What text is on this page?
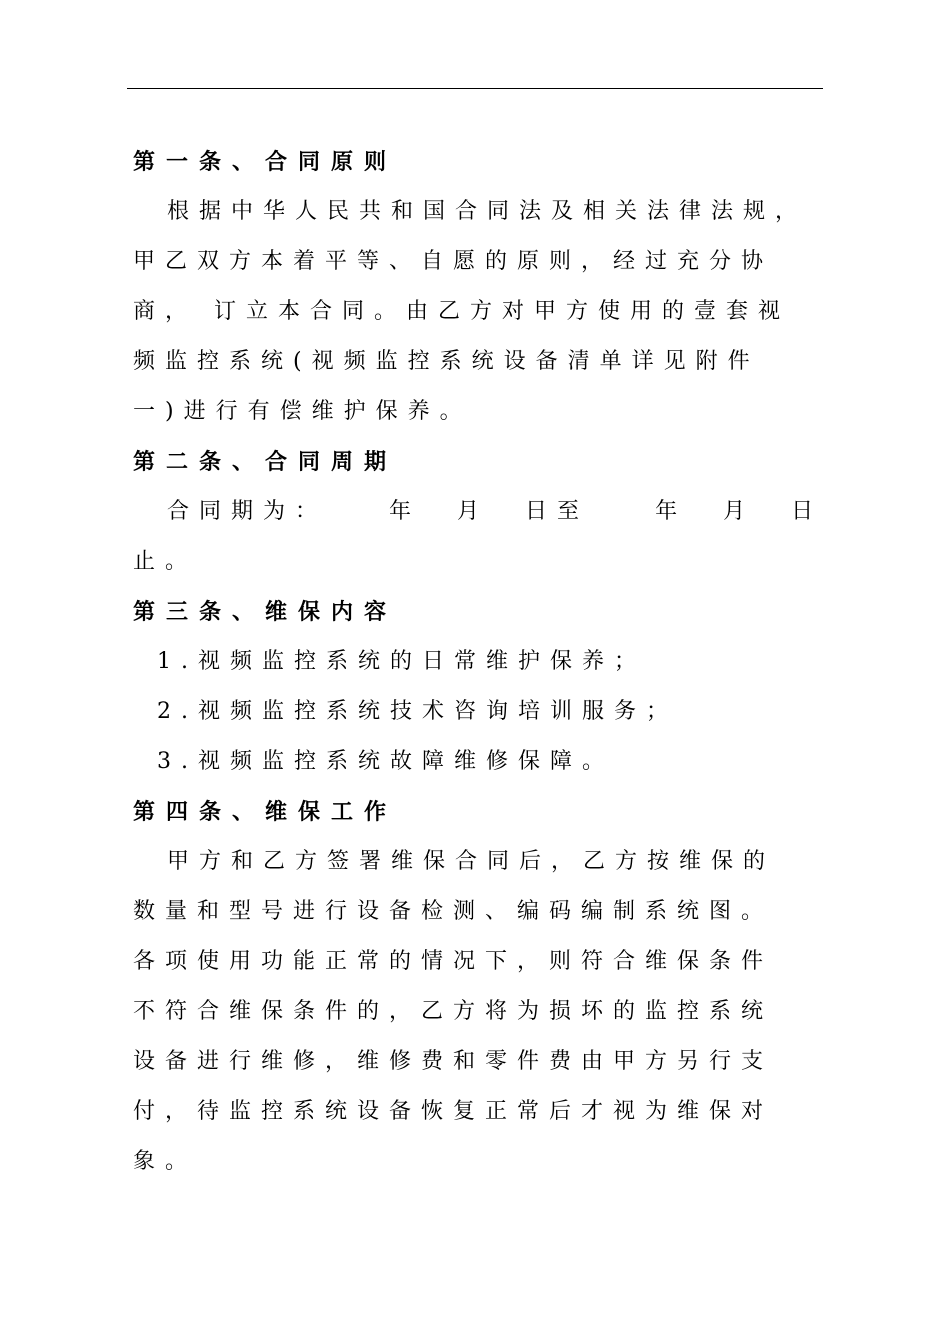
第一条、合同原则
根据中华人民共和国合同法及相关法律法规，
甲乙双方本着平等、自愿的原则，经过充分协
商， 订立本合同。由乙方对甲方使用的壹套视
频监控系统(视频监控系统设备清单详见附件
一)进行有偿维护保养。
第二条、合同周期
合同期为：	年 月 日至	年 月 日
止。
第三条、维保内容
1.视频监控系统的日常维护保养；
2.视频监控系统技术咨询培训服务；
3.视频监控系统故障维修保障。
第四条、维保工作
甲方和乙方签署维保合同后，乙方按维保的
数量和型号进行设备检测、编码编制系统图。
各项使用功能正常的情况下，则符合维保条件
不符合维保条件的，乙方将为损坏的监控系统
设备进行维修，维修费和零件费由甲方另行支
付，待监控系统设备恢复正常后才视为维保对
象。
